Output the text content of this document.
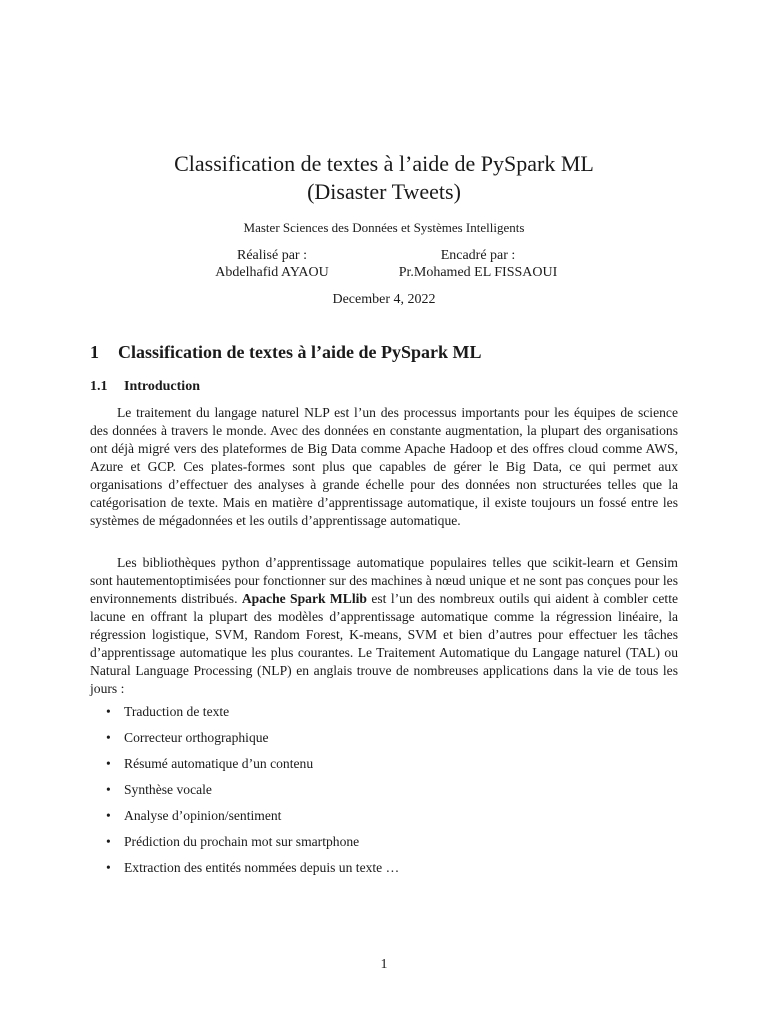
Classification de textes à l’aide de PySpark ML
(Disaster Tweets)
Master Sciences des Données et Systèmes Intelligents
Réalisé par :
Abdelhafid AYAOU
Encadré par :
Pr.Mohamed EL FISSAOUI
December 4, 2022
1 Classification de textes à l’aide de PySpark ML
1.1 Introduction

Le traitement du langage naturel NLP est l’un des processus importants pour les équipes de science des données à travers le monde. Avec des données en constante augmentation, la plupart des organisations ont déjà migré vers des plateformes de Big Data comme Apache Hadoop et des offres cloud comme AWS, Azure et GCP. Ces plates-formes sont plus que capables de gérer le Big Data, ce qui permet aux organisations d’effectuer des analyses à grande échelle pour des données non structurées telles que la catégorisation de texte. Mais en matière d’apprentissage automatique, il existe toujours un fossé entre les systèmes de mégadonnées et les outils d’apprentissage automatique.

Les bibliothèques python d’apprentissage automatique populaires telles que scikit-learn et Gensim sont hautementoptimisées pour fonctionner sur des machines à nœud unique et ne sont pas conçues pour les environnements distribués. Apache Spark MLlib est l’un des nombreux outils qui aident à combler cette lacune en offrant la plupart des modèles d’apprentissage automatique comme la régression linéaire, la régression logistique, SVM, Random Forest, K-means, SVM et bien d’autres pour effectuer les tâches d’apprentissage automatique les plus courantes. Le Traitement Automatique du Langage naturel (TAL) ou Natural Language Processing (NLP) en anglais trouve de nombreuses applications dans la vie de tous les jours :

• Traduction de texte
• Correcteur orthographique
• Résumé automatique d’un contenu
• Synthèse vocale
• Analyse d’opinion/sentiment
• Prédiction du prochain mot sur smartphone
• Extraction des entités nommées depuis un texte …
1
